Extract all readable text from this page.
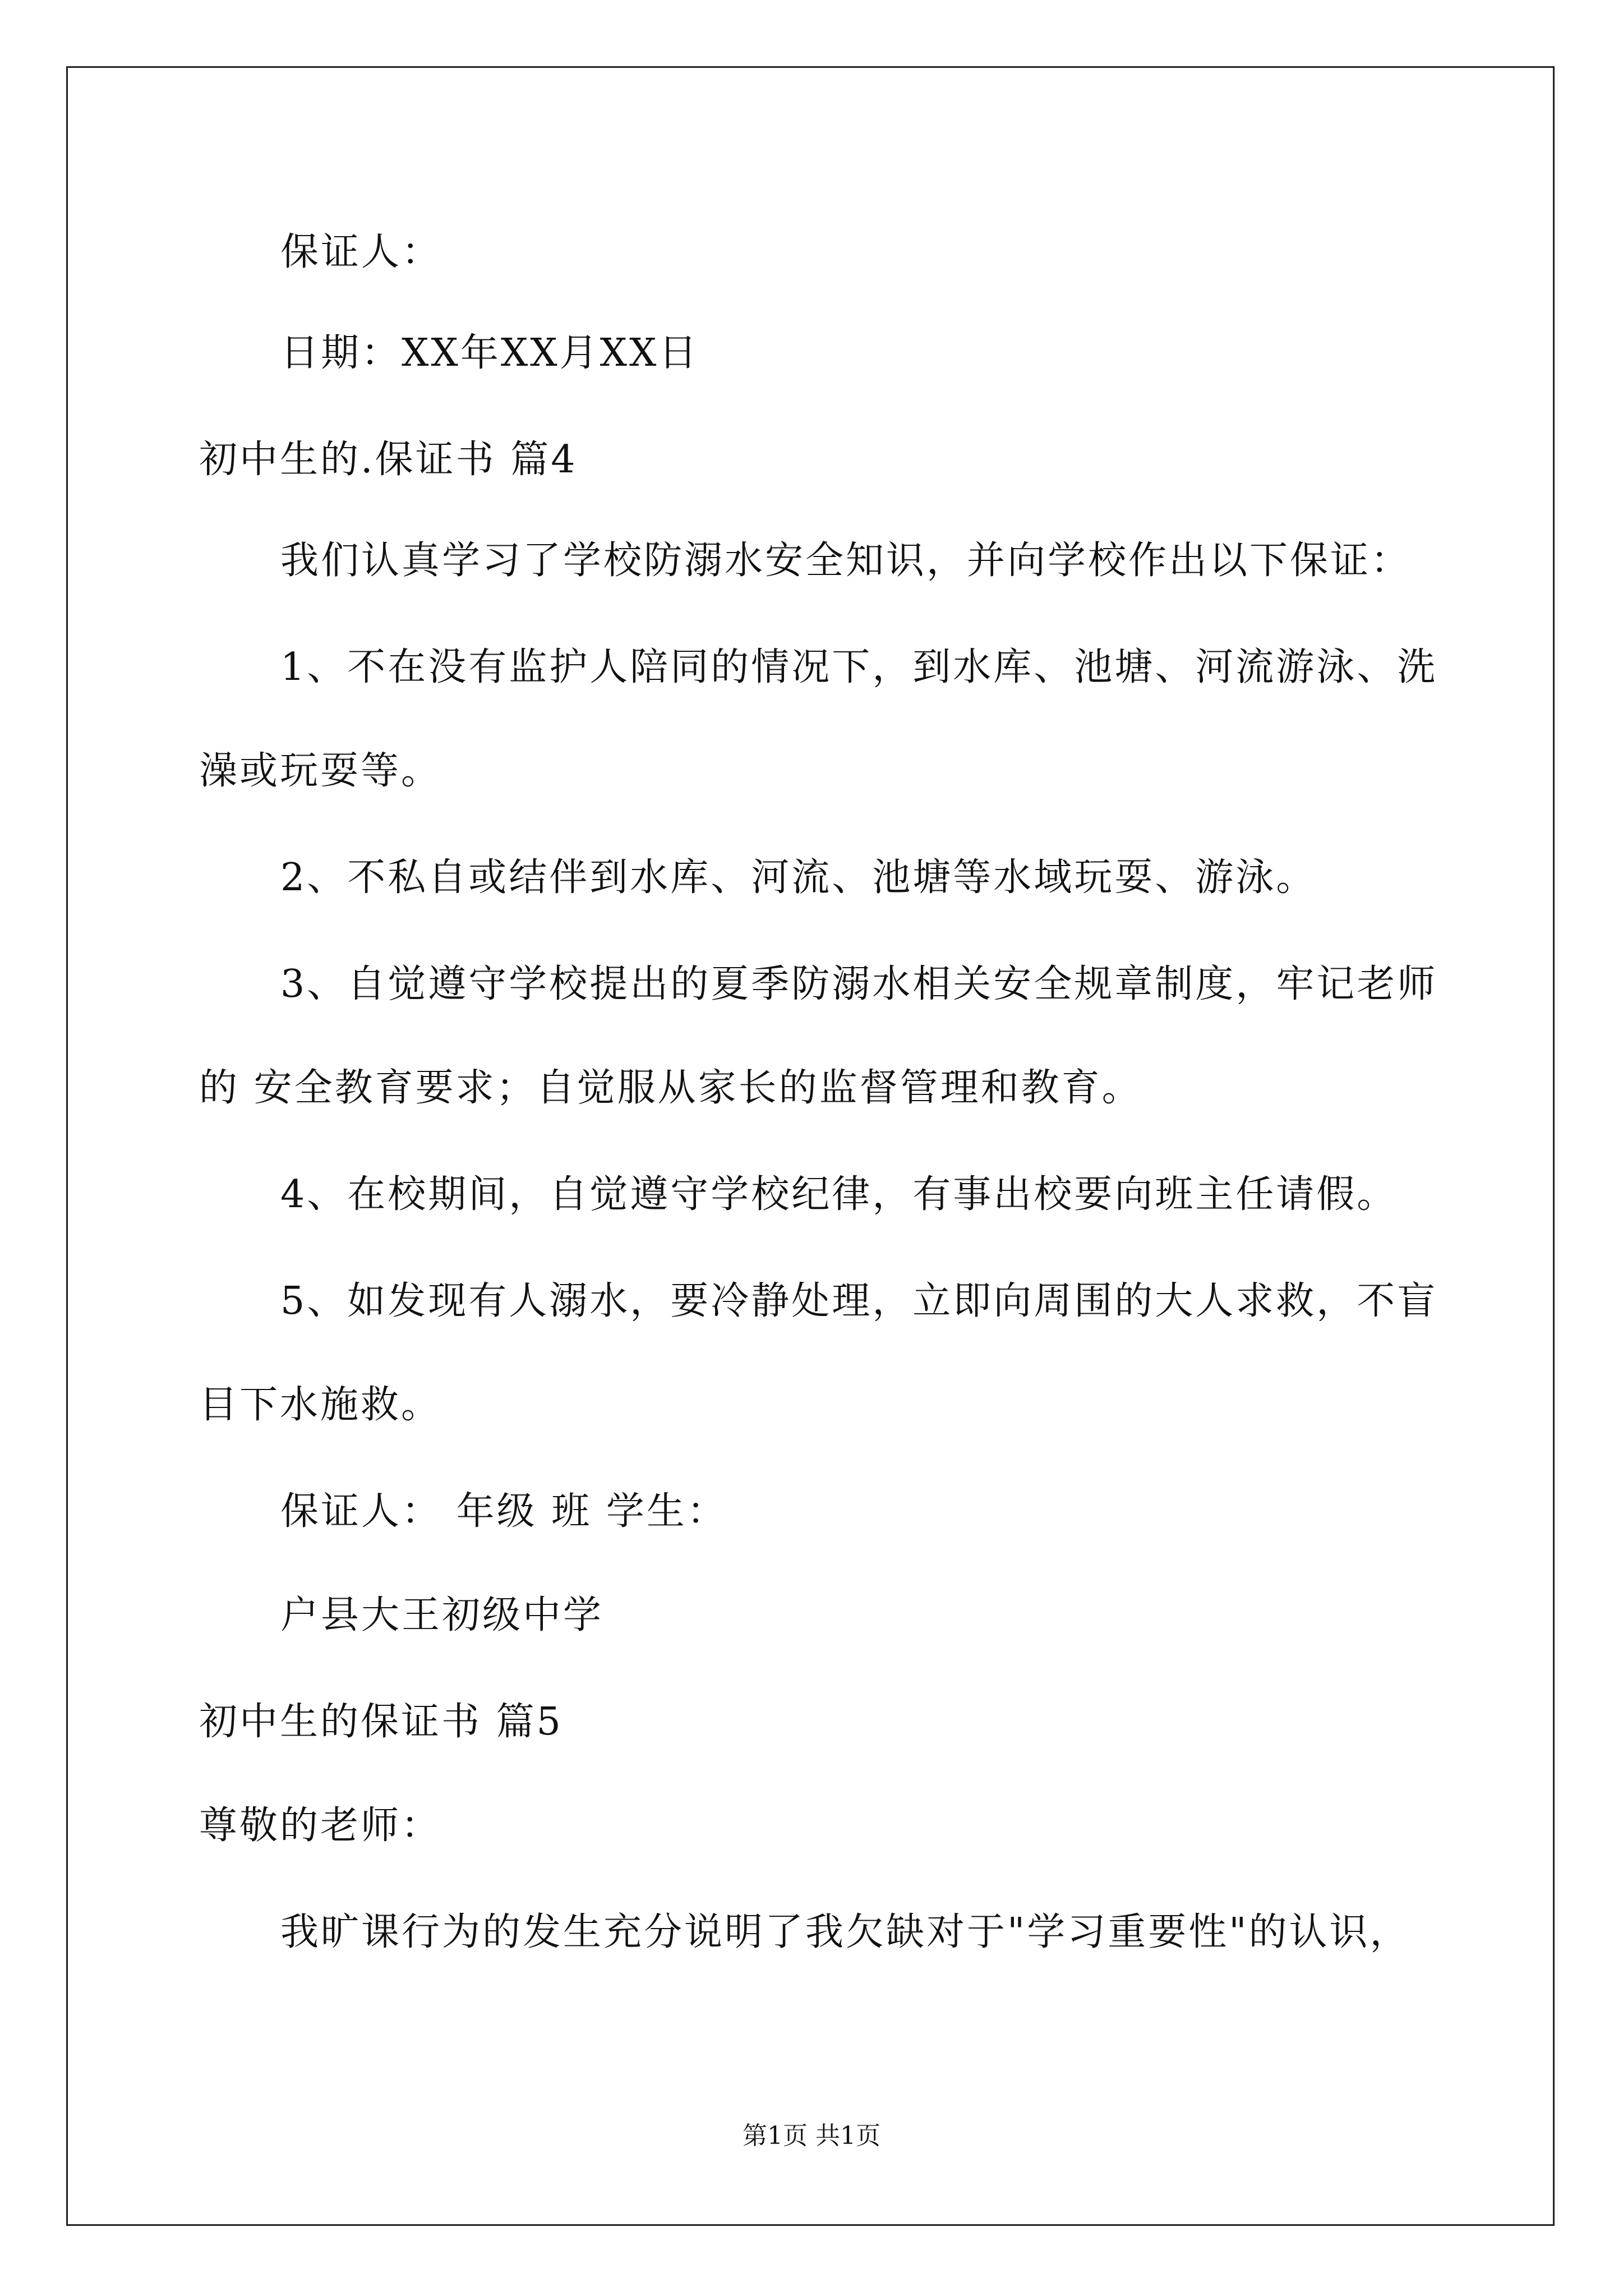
保证人：
日期：XX年XX月XX日
初中生的.保证书 篇4
我们认真学习了学校防溺水安全知识，并向学校作出以下保证：
1、不在没有监护人陪同的情况下，到水库、池塘、河流游泳、洗
澡或玩耍等。
2、不私自或结伴到水库、河流、池塘等水域玩耍、游泳。
3、自觉遵守学校提出的夏季防溺水相关安全规章制度，牢记老师
的 安全教育要求；自觉服从家长的监督管理和教育。
4、在校期间，自觉遵守学校纪律，有事出校要向班主任请假。
5、如发现有人溺水，要冷静处理，立即向周围的大人求救，不盲
目下水施救。
保证人： 年级 班 学生：
户县大王初级中学
初中生的保证书 篇5
尊敬的老师：
我旷课行为的发生充分说明了我欠缺对于"学习重要性"的认识，
第1页 共1页
